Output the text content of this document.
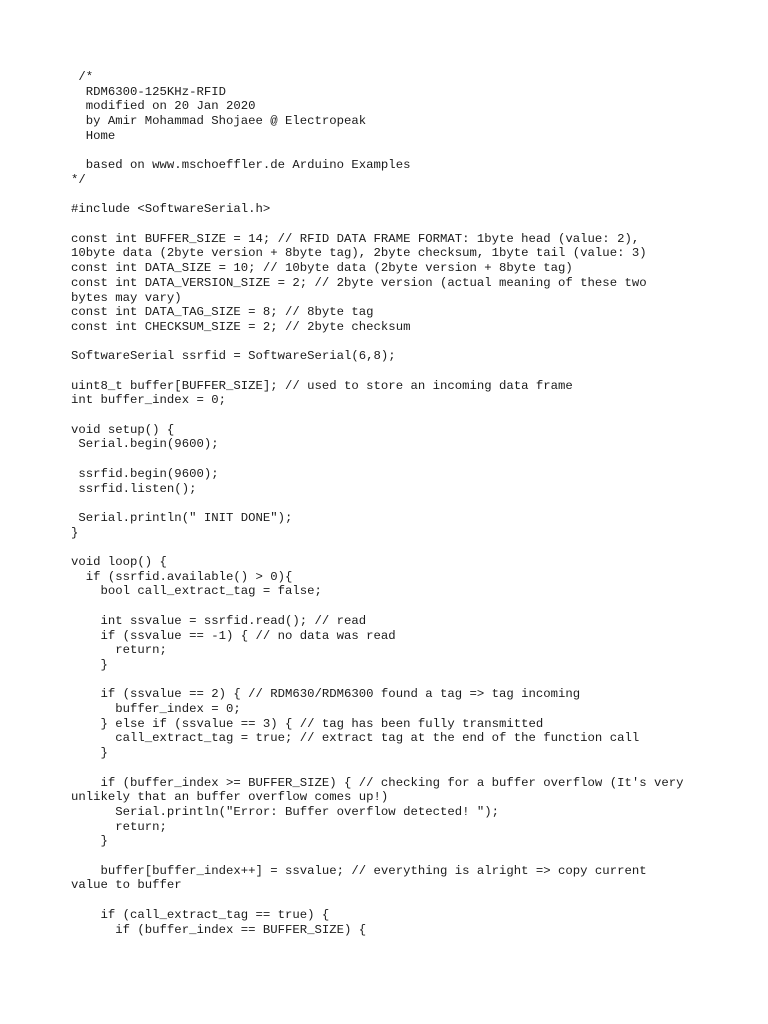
/*
RDM6300-125KHz-RFID
modified on 20 Jan 2020
by Amir Mohammad Shojaee @ Electropeak
Home
based on www.mschoeffler.de Arduino Examples
*/
#include <SoftwareSerial.h>
const int BUFFER_SIZE = 14; // RFID DATA FRAME FORMAT: 1byte head (value: 2),
10byte data (2byte version + 8byte tag), 2byte checksum, 1byte tail (value: 3)
const int DATA_SIZE = 10; // 10byte data (2byte version + 8byte tag)
const int DATA_VERSION_SIZE = 2; // 2byte version (actual meaning of these two
bytes may vary)
const int DATA_TAG_SIZE = 8; // 8byte tag
const int CHECKSUM_SIZE = 2; // 2byte checksum
SoftwareSerial ssrfid = SoftwareSerial(6,8);
uint8_t buffer[BUFFER_SIZE]; // used to store an incoming data frame
int buffer_index = 0;
void setup() {
Serial.begin(9600);
ssrfid.begin(9600);
ssrfid.listen();
Serial.println(" INIT DONE");
}
void loop() {
if (ssrfid.available() > 0){
bool call_extract_tag = false;
int ssvalue = ssrfid.read(); // read
if (ssvalue == -1) { // no data was read
return;
}
if (ssvalue == 2) { // RDM630/RDM6300 found a tag => tag incoming
buffer_index = 0;
} else if (ssvalue == 3) { // tag has been fully transmitted
call_extract_tag = true; // extract tag at the end of the function call
}
if (buffer_index >= BUFFER_SIZE) { // checking for a buffer overflow (It's very
unlikely that an buffer overflow comes up!)
Serial.println("Error: Buffer overflow detected! ");
return;
}
buffer[buffer_index++] = ssvalue; // everything is alright => copy current
value to buffer
if (call_extract_tag == true) {
if (buffer_index == BUFFER_SIZE) {
